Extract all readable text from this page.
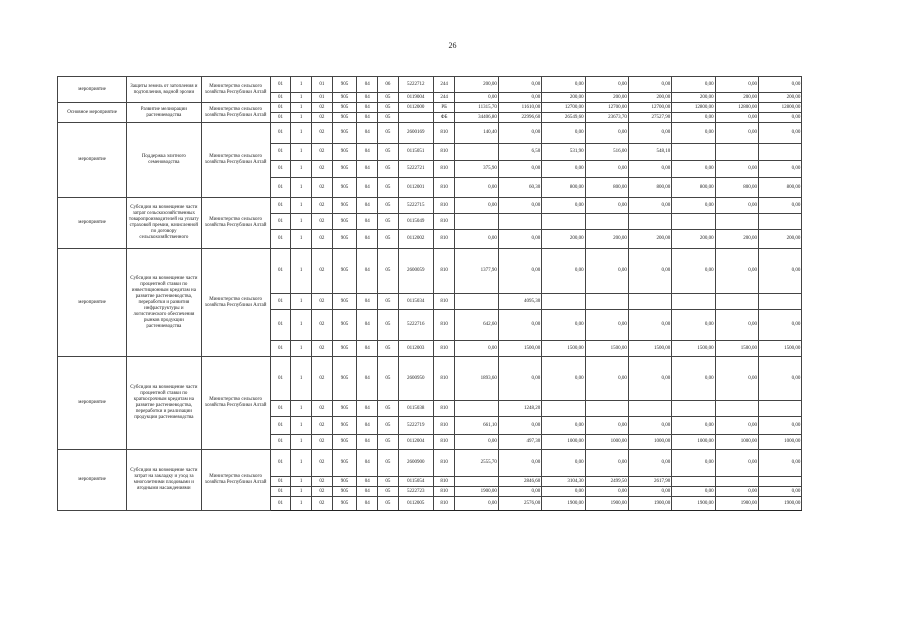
26
мероприятие	Защиты земель от затопления и подтопления, водной эрозии	Министерство сельского хозяйства Республики Алтай	01	1	01	905	04	06	5222712	244	200,00	0,00	0,00	0,00	0,00	0,00	0,00	0,00
			01	1	01	905	04	05	0119004	244	0,00	0,00	200,00	200,00	200,00	200,00	200,00	200,00
Основное мероприятие	Развитие мелиорации растениеводства	Министерство сельского хозяйства Республики Алтай	01	1	02	905	04	05	0112000	РБ	11315,70	11610,00	12700,00	12700,00	12700,00	12800,00	12800,00	12800,00
			01	1	02	905	04	05		ФБ	34406,80	22996,60	26549,60	23673,70	27527,90	0,00	0,00	0,00
мероприятие	Поддержка элитного семеноводства	Министерство сельского хозяйства Республики Алтай	01	1	02	905	04	05	2600169	810	140,40	0,00	0,00	0,00	0,00	0,00	0,00	0,00
			01	1	02	905	04	05	0115051	810		6,50	531,90	516,00	548,10			
			01	1	02	905	04	05	5222721	810	375,90	0,00	0,00	0,00	0,00	0,00	0,00	0,00
			01	1	02	905	04	05	0112001	810	0,00	60,30	800,00	800,00	800,00	800,00	800,00	800,00
мероприятие	Субсидии на возмещение части затрат сельскохозяйственных товаропроизводителей на уплату страховой премии, начисленной по договору сельскохозяйственного	Министерство сельского хозяйства Республики Алтай	01	1	02	905	04	05	5222715	810	0,00	0,00	0,00	0,00	0,00	0,00	0,00	0,00
			01	1	02	905	04	05	0115049	810								
			01	1	02	905	04	05	0112002	810	0,00	0,00	200,00	200,00	200,00	200,00	200,00	200,00
мероприятие	Субсидии на возмещение части процентной ставки по инвестиционным кредитам на развитие растениеводства, переработки и развития инфраструктуры и логистического обеспечения рынков продукции растениеводства	Министерство сельского хозяйства Республики Алтай	01	1	02	905	04	05	2600059	810	1377,90	0,00	0,00	0,00	0,00	0,00	0,00	0,00
			01	1	02	905	04	05	0115034	810		4095,30						
			01	1	02	905	04	05	5222716	810	642,60	0,00	0,00	0,00	0,00	0,00	0,00	0,00
			01	1	02	905	04	05	0112003	810	0,00	1500,00	1500,00	1500,00	1500,00	1500,00	1500,00	1500,00
мероприятие	Субсидии на возмещение части процентной ставки по краткосрочным кредитам на развитие растениеводства, переработки и реализации продукции растениеводства	Министерство сельского хозяйства Республики Алтай	01	1	02	905	04	05	2600950	810	1893,60	0,00	0,00	0,00	0,00	0,00	0,00	0,00
			01	1	02	905	04	05	0115038	810		1248,20						
			01	1	02	905	04	05	5222719	810	661,10	0,00	0,00	0,00	0,00	0,00	0,00	0,00
			01	1	02	905	04	05	0112004	810	0,00	497,30	1000,00	1000,00	1000,00	1000,00	1000,00	1000,00
мероприятие	Субсидии на возмещение части затрат на закладку и уход за многолетними плодовыми и ягодными насаждениями	Министерство сельского хозяйства Республики Алтай	01	1	02	905	04	05	2600900	810	2555,70	0,00	0,00	0,00	0,00	0,00	0,00	0,00
			01	1	02	905	04	05	0115054	810		2846,60	3104,30	2499,50	2617,90			
			01	1	02	905	04	05	5222723	810	1900,00	0,00	0,00	0,00	0,00	0,00	0,00	0,00
			01	1	02	905	04	05	0112005	810	0,00	2576,00	1900,00	1900,00	1900,00	1900,00	1900,00	1900,00
